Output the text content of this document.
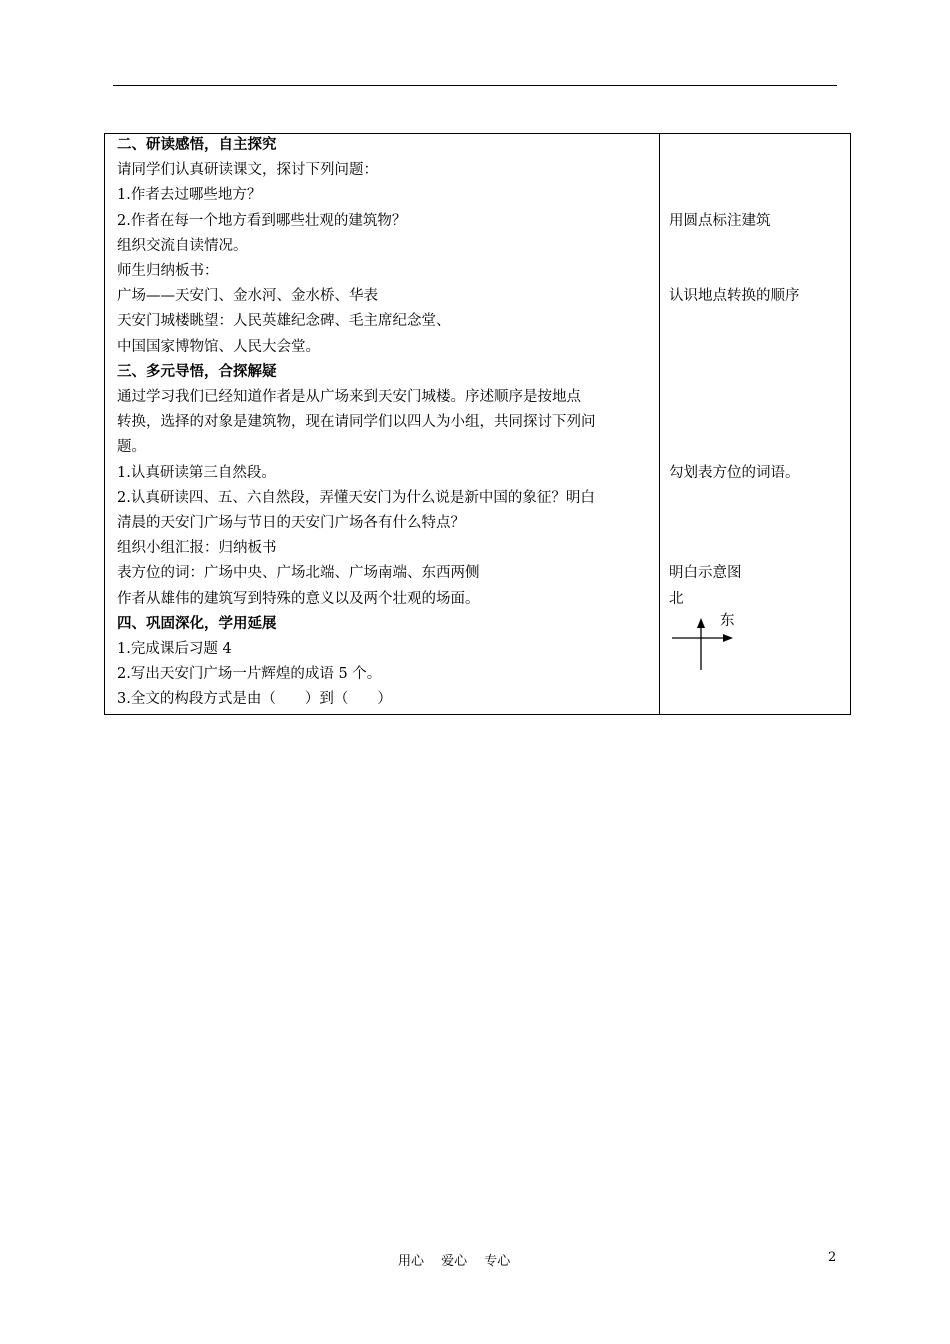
二、研读感悟，自主探究
请同学们认真研读课文，探讨下列问题：
1.作者去过哪些地方？
2.作者在每一个地方看到哪些壮观的建筑物？
组织交流自读情况。
师生归纳板书：
广场——天安门、金水河、金水桥、华表
天安门城楼眺望：人民英雄纪念碑、毛主席纪念堂、
中国国家博物馆、人民大会堂。
三、多元导悟，合探解疑
通过学习我们已经知道作者是从广场来到天安门城楼。序述顺序是按地点
转换，选择的对象是建筑物，现在请同学们以四人为小组，共同探讨下列问
题。
1.认真研读第三自然段。
2.认真研读四、五、六自然段，弄懂天安门为什么说是新中国的象征？明白
清晨的天安门广场与节日的天安门广场各有什么特点？
组织小组汇报：归纳板书
表方位的词：广场中央、广场北端、广场南端、东西两侧
作者从雄伟的建筑写到特殊的意义以及两个壮观的场面。
四、巩固深化，学用延展
1.完成课后习题 4
2.写出天安门广场一片辉煌的成语 5 个。
3.全文的构段方式是由（　　）到（　　）
用圆点标注建筑
认识地点转换的顺序
勾划表方位的词语。
明白示意图
北
东
用心　 爱心　 专心	2
